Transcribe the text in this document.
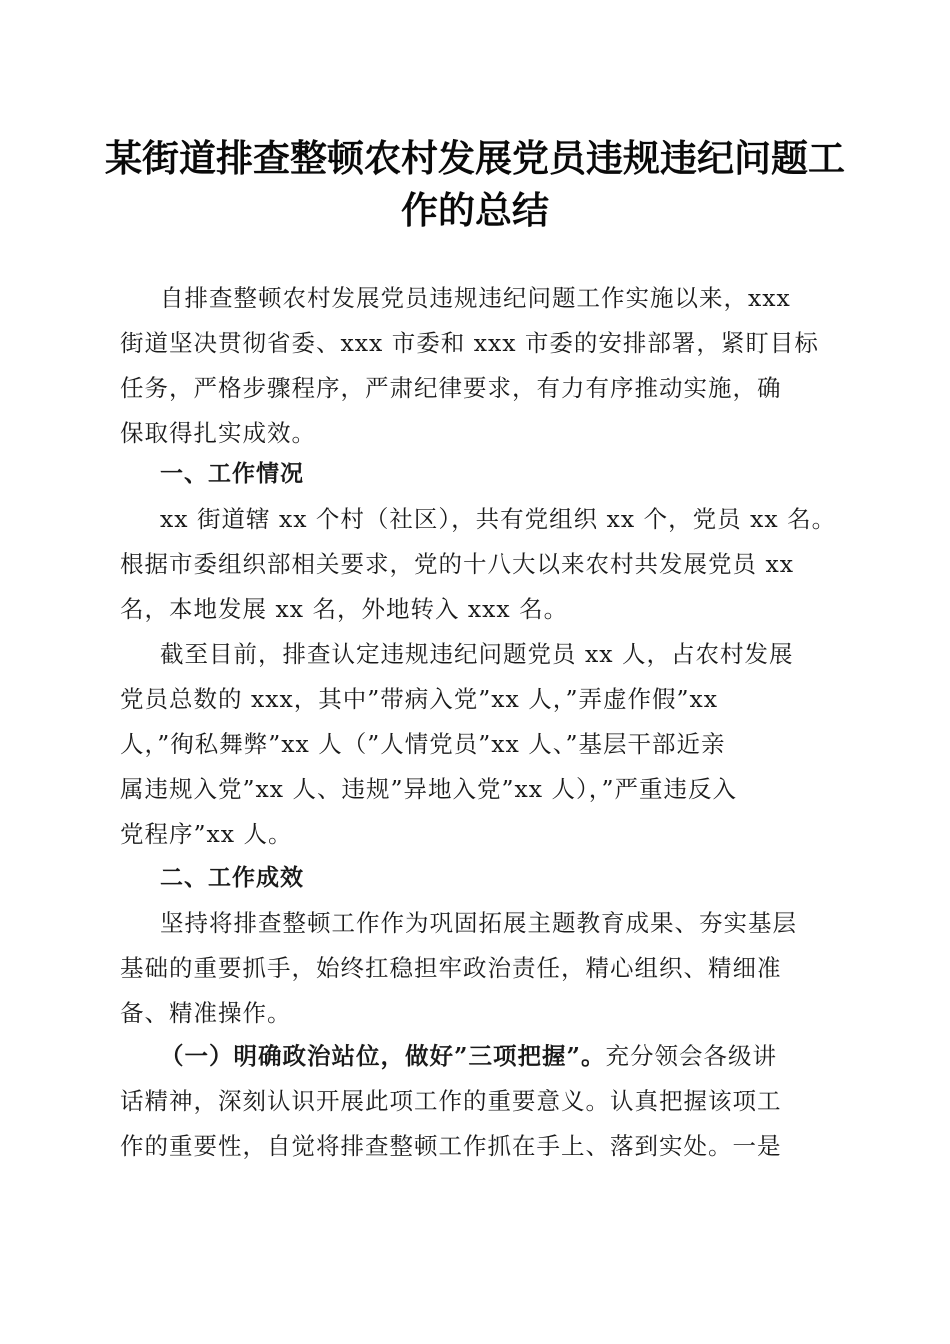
某街道排查整顿农村发展党员违规违纪问题工
作的总结
自排查整顿农村发展党员违规违纪问题工作实施以来，xxx
街道坚决贯彻省委、xxx 市委和 xxx 市委的安排部署，紧盯目标
任务，严格步骤程序，严肃纪律要求，有力有序推动实施，确
保取得扎实成效。
一、工作情况
xx 街道辖 xx 个村（社区），共有党组织 xx 个，党员 xx 名。
根据市委组织部相关要求，党的十八大以来农村共发展党员 xx
名，本地发展 xx 名，外地转入 xxx 名。
截至目前，排查认定违规违纪问题党员 xx 人，占农村发展
党员总数的 xxx，其中”带病入党”xx 人，”弄虚作假”xx
人，”徇私舞弊”xx 人（”人情党员”xx 人、”基层干部近亲
属违规入党”xx 人、违规”异地入党”xx 人），”严重违反入
党程序”xx 人。
二、工作成效
坚持将排查整顿工作作为巩固拓展主题教育成果、夯实基层
基础的重要抓手，始终扛稳担牢政治责任，精心组织、精细准
备、精准操作。
（一）明确政治站位，做好”三项把握”。充分领会各级讲
话精神，深刻认识开展此项工作的重要意义。认真把握该项工
作的重要性，自觉将排查整顿工作抓在手上、落到实处。一是
